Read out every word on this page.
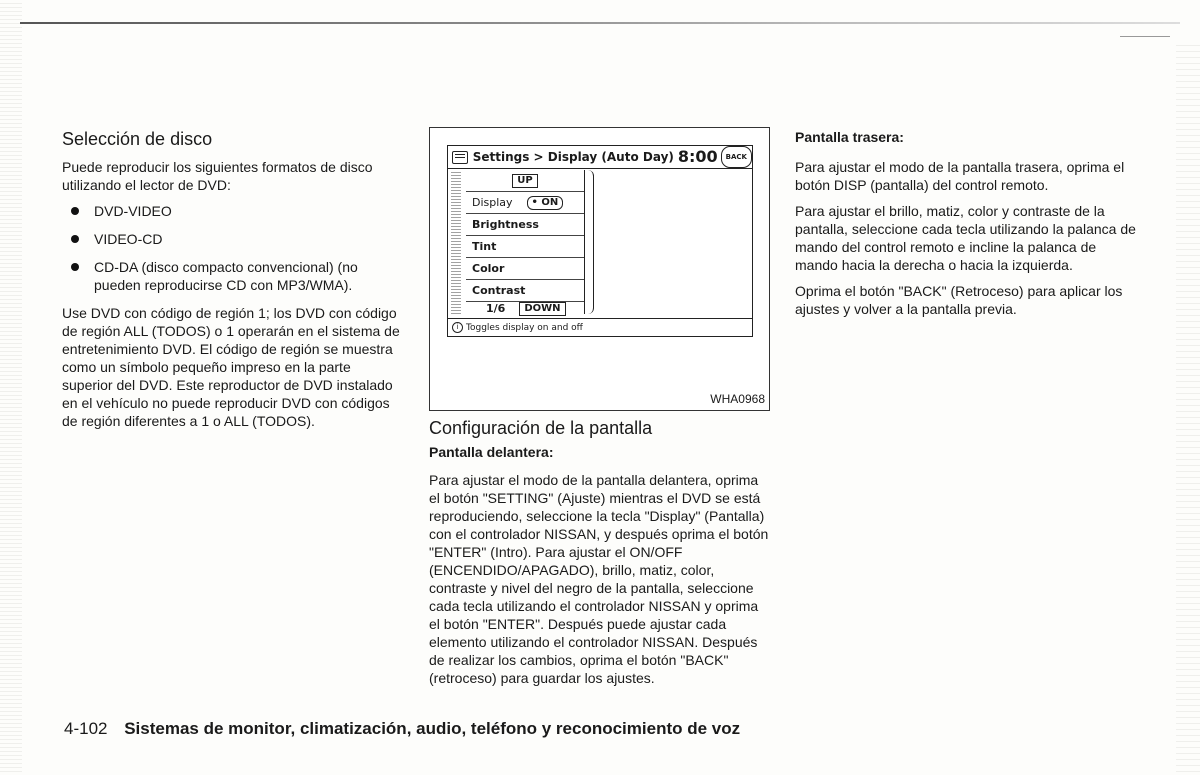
Selección de disco

Puede reproducir los siguientes formatos de disco utilizando el lector de DVD:

DVD-VIDEO
VIDEO-CD
CD-DA (disco compacto convencional) (no pueden reproducirse CD con MP3/WMA).

Use DVD con código de región 1; los DVD con código de región ALL (TODOS) o 1 operarán en el sistema de entretenimiento DVD. El código de región se muestra como un símbolo pequeño impreso en la parte superior del DVD. Este reproductor de DVD instalado en el vehículo no puede reproducir DVD con códigos de región diferentes a 1 o ALL (TODOS).

Settings > Display (Auto Day) 8:00	BACK
UP
Display	• ON
Brightness
Tint
Color
Contrast
1/6	DOWN
i Toggles display on and off
WHA0968
Configuración de la pantalla
Pantalla delantera:

Para ajustar el modo de la pantalla delantera, oprima el botón "SETTING" (Ajuste) mientras el DVD se está reproduciendo, seleccione la tecla "Display" (Pantalla) con el controlador NISSAN, y después oprima el botón "ENTER" (Intro). Para ajustar el ON/OFF (ENCENDIDO/APAGADO), brillo, matiz, color, contraste y nivel del negro de la pantalla, seleccione cada tecla utilizando el controlador NISSAN y oprima el botón "ENTER". Después puede ajustar cada elemento utilizando el controlador NISSAN. Después de realizar los cambios, oprima el botón "BACK" (retroceso) para guardar los ajustes.

Pantalla trasera:

Para ajustar el modo de la pantalla trasera, oprima el botón DISP (pantalla) del control remoto.

Para ajustar el brillo, matiz, color y contraste de la pantalla, seleccione cada tecla utilizando la palanca de mando del control remoto e incline la palanca de mando hacia la derecha o hacia la izquierda.

Oprima el botón "BACK" (Retroceso) para aplicar los ajustes y volver a la pantalla previa.

4-102 Sistemas de monitor, climatización, audio, teléfono y reconocimiento de voz
